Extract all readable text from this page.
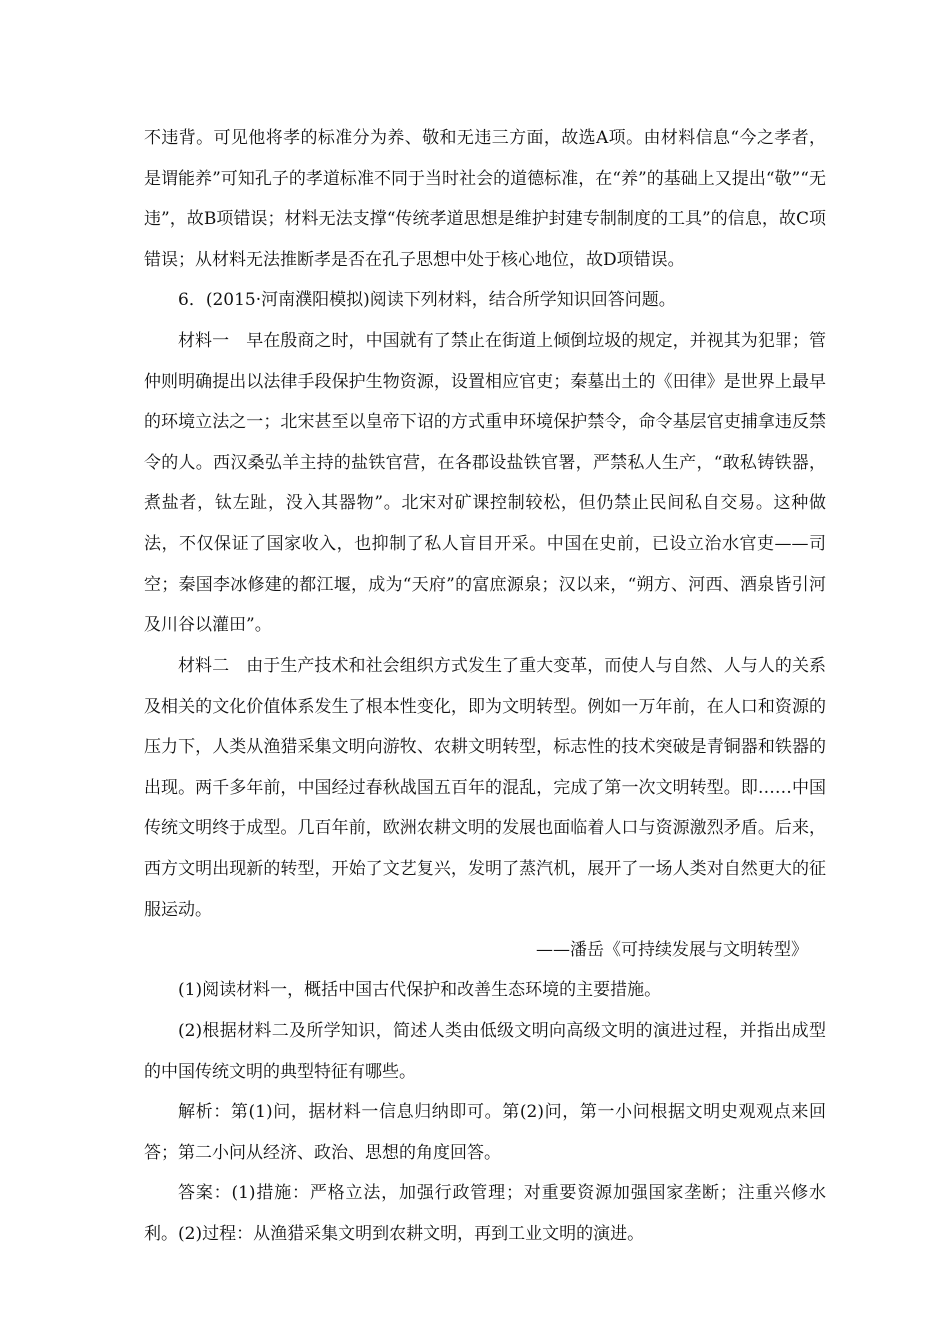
不违背。可见他将孝的标准分为养、敬和无违三方面，故选A项。由材料信息“今之孝者，是谓能养”可知孔子的孝道标准不同于当时社会的道德标准，在“养”的基础上又提出“敬”“无违”，故B项错误；材料无法支撑“传统孝道思想是维护封建专制制度的工具”的信息，故C项错误；从材料无法推断孝是否在孔子思想中处于核心地位，故D项错误。

6．(2015·河南濮阳模拟)阅读下列材料，结合所学知识回答问题。

材料一　早在殷商之时，中国就有了禁止在街道上倾倒垃圾的规定，并视其为犯罪；管仲则明确提出以法律手段保护生物资源，设置相应官吏；秦墓出土的《田律》是世界上最早的环境立法之一；北宋甚至以皇帝下诏的方式重申环境保护禁令，命令基层官吏捕拿违反禁令的人。西汉桑弘羊主持的盐铁官营，在各郡设盐铁官署，严禁私人生产，“敢私铸铁器，煮盐者，钛左趾，没入其器物”。北宋对矿课控制较松，但仍禁止民间私自交易。这种做法，不仅保证了国家收入，也抑制了私人盲目开采。中国在史前，已设立治水官吏——司空；秦国李冰修建的都江堰，成为“天府”的富庶源泉；汉以来，“朔方、河西、酒泉皆引河及川谷以灌田”。

材料二　由于生产技术和社会组织方式发生了重大变革，而使人与自然、人与人的关系及相关的文化价值体系发生了根本性变化，即为文明转型。例如一万年前，在人口和资源的压力下，人类从渔猎采集文明向游牧、农耕文明转型，标志性的技术突破是青铜器和铁器的出现。两千多年前，中国经过春秋战国五百年的混乱，完成了第一次文明转型。即……中国传统文明终于成型。几百年前，欧洲农耕文明的发展也面临着人口与资源激烈矛盾。后来，西方文明出现新的转型，开始了文艺复兴，发明了蒸汽机，展开了一场人类对自然更大的征服运动。

——潘岳《可持续发展与文明转型》

(1)阅读材料一，概括中国古代保护和改善生态环境的主要措施。

(2)根据材料二及所学知识，简述人类由低级文明向高级文明的演进过程，并指出成型的中国传统文明的典型特征有哪些。

解析：第(1)问，据材料一信息归纳即可。第(2)问，第一小问根据文明史观观点来回答；第二小问从经济、政治、思想的角度回答。

答案：(1)措施：严格立法，加强行政管理；对重要资源加强国家垄断；注重兴修水利。 (2)过程：从渔猎采集文明到农耕文明，再到工业文明的演进。
